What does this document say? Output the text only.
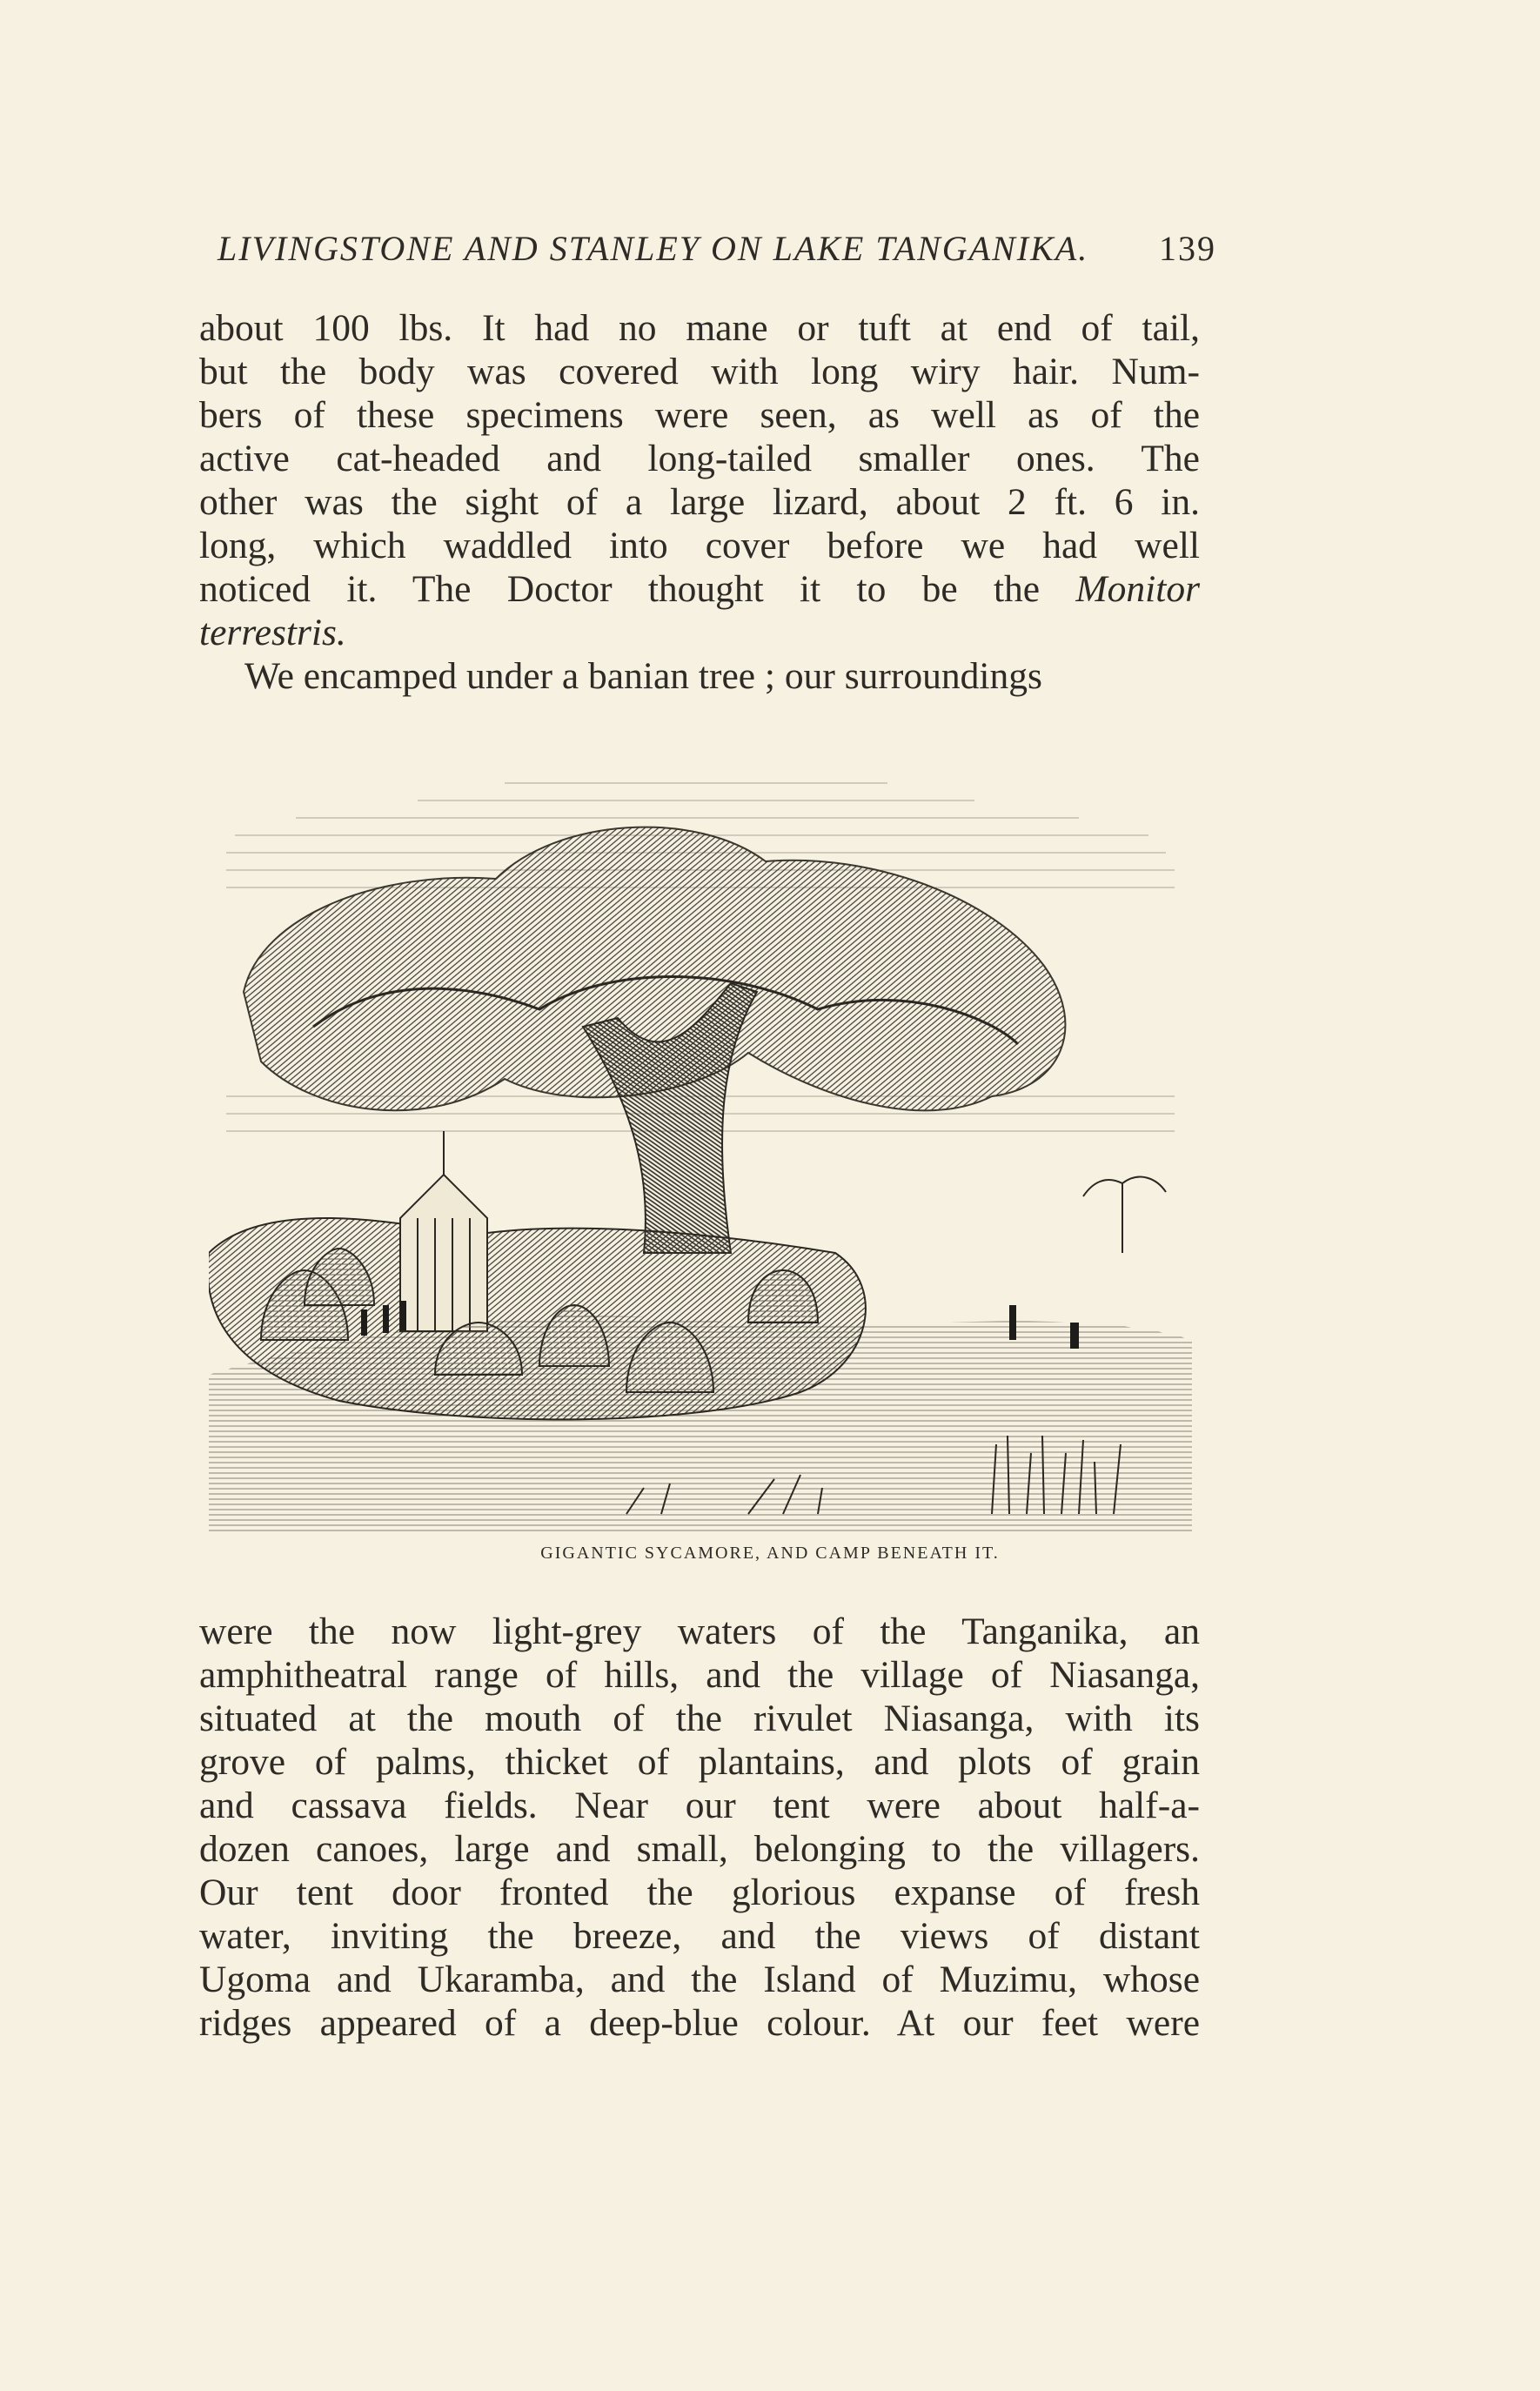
LIVINGSTONE AND STANLEY ON LAKE TANGANIKA. 139
about 100 lbs. It had no mane or tuft at end of tail,
but the body was covered with long wiry hair. Num-
bers of these specimens were seen, as well as of the
active cat-headed and long-tailed smaller ones. The
other was the sight of a large lizard, about 2 ft. 6 in.
long, which waddled into cover before we had well
noticed it. The Doctor thought it to be the Monitor
terrestris.
We encamped under a banian tree ; our surroundings
GIGANTIC SYCAMORE, AND CAMP BENEATH IT.
were the now light-grey waters of the Tanganika, an
amphitheatral range of hills, and the village of Niasanga,
situated at the mouth of the rivulet Niasanga, with its
grove of palms, thicket of plantains, and plots of grain
and cassava fields. Near our tent were about half-a-
dozen canoes, large and small, belonging to the villagers.
Our tent door fronted the glorious expanse of fresh
water, inviting the breeze, and the views of distant
Ugoma and Ukaramba, and the Island of Muzimu, whose
ridges appeared of a deep-blue colour. At our feet were
